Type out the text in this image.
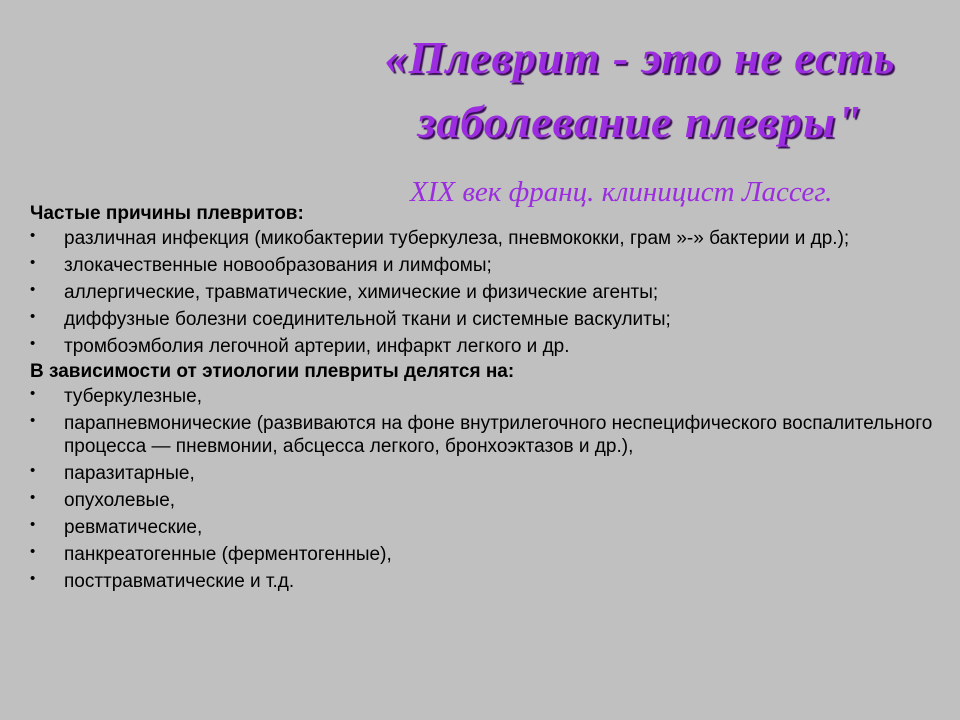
«Плеврит - это не есть
заболевание плевры"

XIX век франц. клиницист Лассег.

Частые причины плевритов:

• различная инфекция (микобактерии туберкулеза, пневмококки, грам »-» бактерии и др.);
• злокачественные новообразования и лимфомы;
• аллергические, травматические, химические и физические агенты;
• диффузные болезни соединительной ткани и системные васкулиты;
• тромбоэмболия легочной артерии, инфаркт легкого и др.

В зависимости от этиологии плевриты делятся на:

• туберкулезные,
• парапневмонические (развиваются на фоне внутрилегочного неспецифического воспалительного процесса — пневмонии, абсцесса легкого, бронхоэктазов и др.),
• паразитарные,
• опухолевые,
• ревматические,
• панкреатогенные (ферментогенные),
• посттравматические и т.д.
